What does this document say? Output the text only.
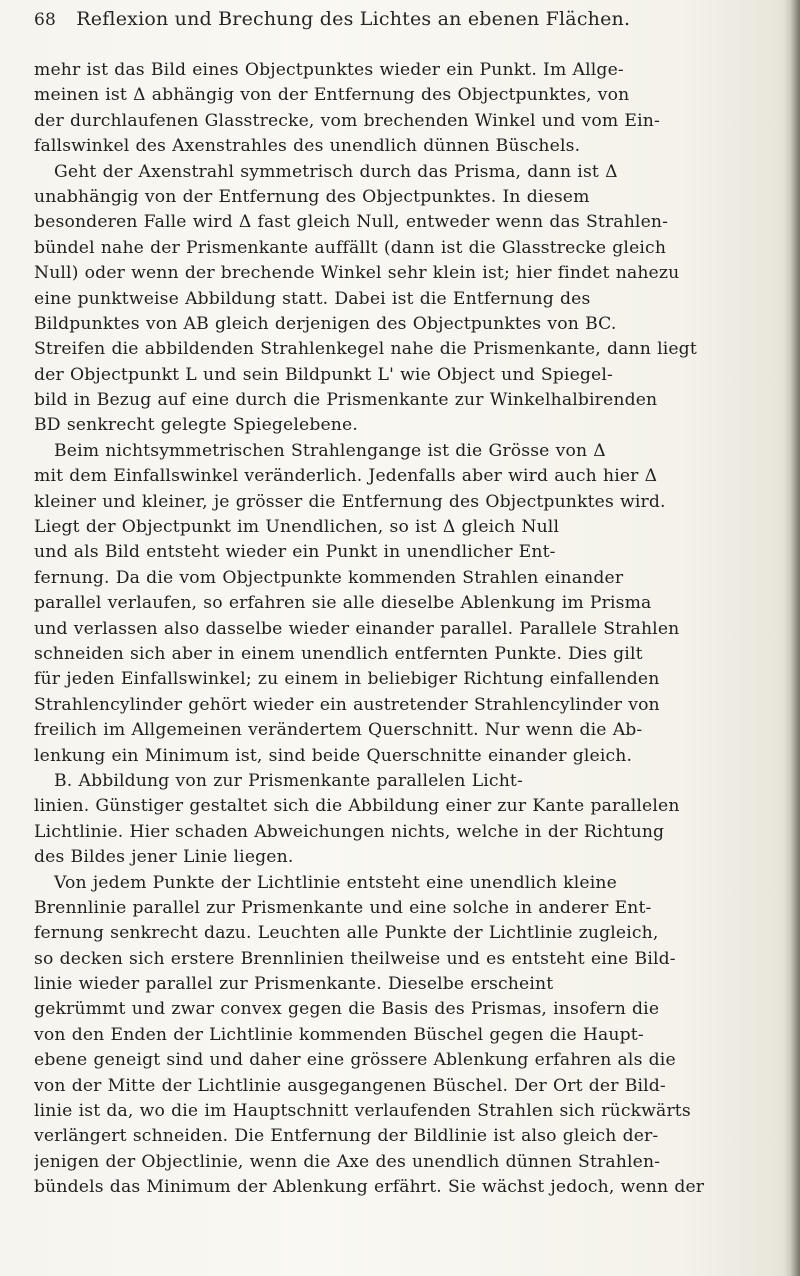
68 Reflexion und Brechung des Lichtes an ebenen Flächen.
mehr ist das Bild eines Objectpunktes wieder ein Punkt. Im Allge-
meinen ist Δ abhängig von der Entfernung des Objectpunktes, von
der durchlaufenen Glasstrecke, vom brechenden Winkel und vom Ein-
fallswinkel des Axenstrahles des unendlich dünnen Büschels.
Geht der Axenstrahl symmetrisch durch das Prisma, dann ist Δ
unabhängig von der Entfernung des Objectpunktes. In diesem
besonderen Falle wird Δ fast gleich Null, entweder wenn das Strahlen-
bündel nahe der Prismenkante auffällt (dann ist die Glasstrecke gleich
Null) oder wenn der brechende Winkel sehr klein ist; hier findet nahezu
eine punktweise Abbildung statt. Dabei ist die Entfernung des
Bildpunktes von AB gleich derjenigen des Objectpunktes von BC.
Streifen die abbildenden Strahlenkegel nahe die Prismenkante, dann liegt
der Objectpunkt L und sein Bildpunkt L' wie Object und Spiegel-
bild in Bezug auf eine durch die Prismenkante zur Winkelhalbirenden
BD senkrecht gelegte Spiegelebene.
Beim nichtsymmetrischen Strahlengange ist die Grösse von Δ
mit dem Einfallswinkel veränderlich. Jedenfalls aber wird auch hier Δ
kleiner und kleiner, je grösser die Entfernung des Objectpunktes wird.
Liegt der Objectpunkt im Unendlichen, so ist Δ gleich Null
und als Bild entsteht wieder ein Punkt in unendlicher Ent-
fernung. Da die vom Objectpunkte kommenden Strahlen einander
parallel verlaufen, so erfahren sie alle dieselbe Ablenkung im Prisma
und verlassen also dasselbe wieder einander parallel. Parallele Strahlen
schneiden sich aber in einem unendlich entfernten Punkte. Dies gilt
für jeden Einfallswinkel; zu einem in beliebiger Richtung einfallenden
Strahlencylinder gehört wieder ein austretender Strahlencylinder von
freilich im Allgemeinen verändertem Querschnitt. Nur wenn die Ab-
lenkung ein Minimum ist, sind beide Querschnitte einander gleich.
B. Abbildung von zur Prismenkante parallelen Licht-
linien. Günstiger gestaltet sich die Abbildung einer zur Kante parallelen
Lichtlinie. Hier schaden Abweichungen nichts, welche in der Richtung
des Bildes jener Linie liegen.
Von jedem Punkte der Lichtlinie entsteht eine unendlich kleine
Brennlinie parallel zur Prismenkante und eine solche in anderer Ent-
fernung senkrecht dazu. Leuchten alle Punkte der Lichtlinie zugleich,
so decken sich erstere Brennlinien theilweise und es entsteht eine Bild-
linie wieder parallel zur Prismenkante. Dieselbe erscheint
gekrümmt und zwar convex gegen die Basis des Prismas, insofern die
von den Enden der Lichtlinie kommenden Büschel gegen die Haupt-
ebene geneigt sind und daher eine grössere Ablenkung erfahren als die
von der Mitte der Lichtlinie ausgegangenen Büschel. Der Ort der Bild-
linie ist da, wo die im Hauptschnitt verlaufenden Strahlen sich rückwärts
verlängert schneiden. Die Entfernung der Bildlinie ist also gleich der-
jenigen der Objectlinie, wenn die Axe des unendlich dünnen Strahlen-
bündels das Minimum der Ablenkung erfährt. Sie wächst jedoch, wenn der
